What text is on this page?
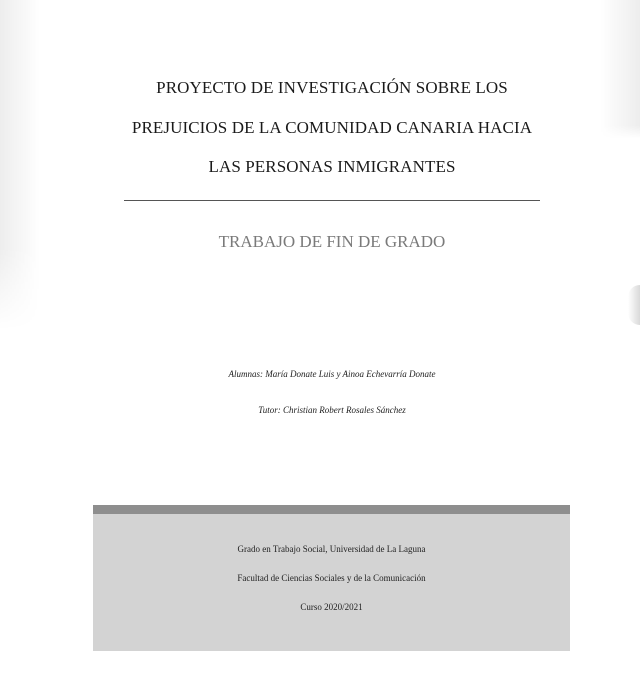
PROYECTO DE INVESTIGACIÓN SOBRE LOS
PREJUICIOS DE LA COMUNIDAD CANARIA HACIA
LAS PERSONAS INMIGRANTES
TRABAJO DE FIN DE GRADO
Alumnas: María Donate Luis y Ainoa Echevarría Donate
Tutor: Christian Robert Rosales Sánchez
Grado en Trabajo Social, Universidad de La Laguna
Facultad de Ciencias Sociales y de la Comunicación
Curso 2020/2021
